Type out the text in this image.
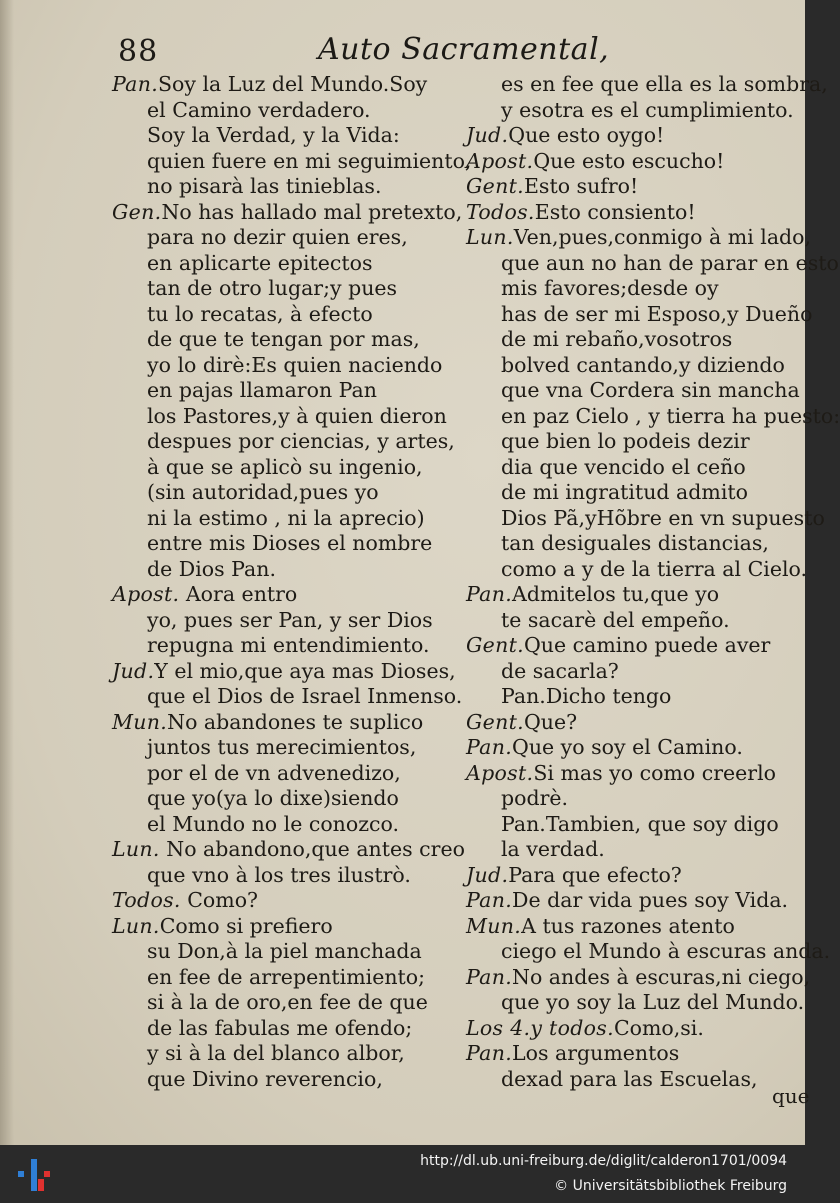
88	Auto Sacramental,
Pan.Soy la Luz del Mundo.Soy
el Camino verdadero.
Soy la Verdad, y la Vida:
quien fuere en mi seguimiento,
no pisarà las tinieblas.
Gen.No has hallado mal pretexto,
para no dezir quien eres,
en aplicarte epitectos
tan de otro lugar;y pues
tu lo recatas, à efecto
de que te tengan por mas,
yo lo dirè:Es quien naciendo
en pajas llamaron Pan
los Pastores,y à quien dieron
despues por ciencias, y artes,
à que se aplicò su ingenio,
(sin autoridad,pues yo
ni la estimo , ni la aprecio)
entre mis Dioses el nombre
de Dios Pan.
Apost. Aora entro
yo, pues ser Pan, y ser Dios
repugna mi entendimiento.
Jud.Y el mio,que aya mas Dioses,
que el Dios de Israel Inmenso.
Mun.No abandones te suplico
juntos tus merecimientos,
por el de vn advenedizo,
que yo(ya lo dixe)siendo
el Mundo no le conozco.
Lun. No abandono,que antes creo
que vno à los tres ilustrò.
Todos. Como?
Lun.Como si prefiero
su Don,à la piel manchada
en fee de arrepentimiento;
si à la de oro,en fee de que
de las fabulas me ofendo;
y si à la del blanco albor,
que Divino reverencio,
es en fee que ella es la sombra,
y esotra es el cumplimiento.
Jud.Que esto oygo!
Apost.Que esto escucho!
Gent.Esto sufro!
Todos.Esto consiento!
Lun.Ven,pues,conmigo à mi lado,
que aun no han de parar en esto
mis favores;desde oy
has de ser mi Esposo,y Dueño
de mi rebaño,vosotros
bolved cantando,y diziendo
que vna Cordera sin mancha
en paz Cielo , y tierra ha puesto:
que bien lo podeis dezir
dia que vencido el ceño
de mi ingratitud admito
Dios Pã,yHõbre en vn supuesto
tan desiguales distancias,
como a y de la tierra al Cielo.
Pan.Admitelos tu,que yo
te sacarè del empeño.
Gent.Que camino puede aver
de sacarla?
Pan.Dicho tengo
Gent.Que?
Pan.Que yo soy el Camino.
Apost.Si mas yo como creerlo
podrè.
Pan.Tambien, que soy digo
la verdad.
Jud.Para que efecto?
Pan.De dar vida pues soy Vida.
Mun.A tus razones atento
ciego el Mundo à escuras anda.
Pan.No andes à escuras,ni ciego,
que yo soy la Luz del Mundo.
Los 4.y todos.Como,si.
Pan.Los argumentos
dexad para las Escuelas,
que
http://dl.ub.uni-freiburg.de/diglit/calderon1701/0094
© Universitätsbibliothek Freiburg
